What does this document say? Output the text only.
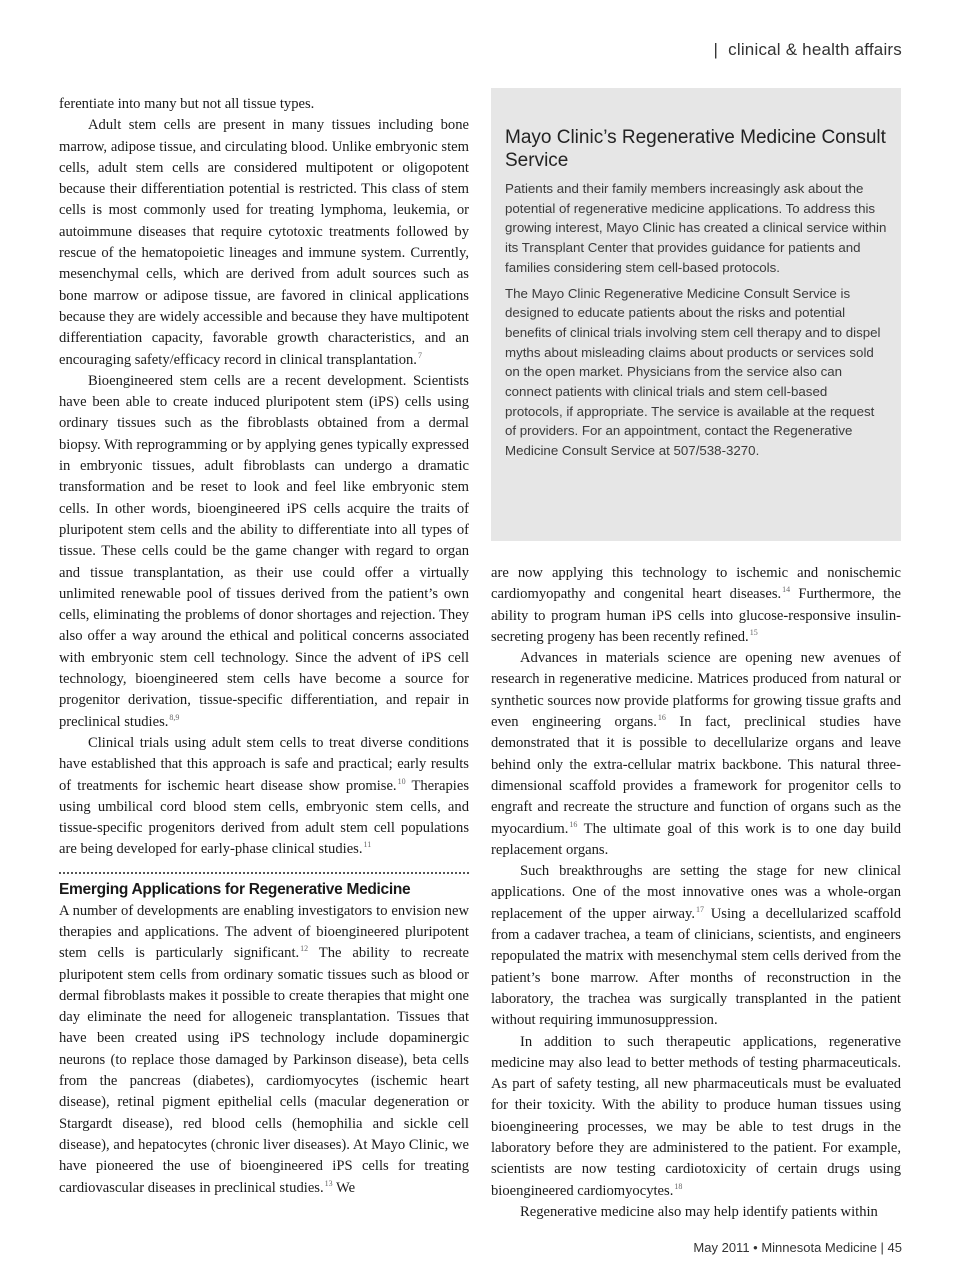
| clinical & health affairs

ferentiate into many but not all tissue types.

Adult stem cells are present in many tissues including bone marrow, adipose tissue, and circulating blood. Unlike embryonic stem cells, adult stem cells are considered multipotent or oligopotent because their differentiation potential is restricted. This class of stem cells is most commonly used for treating lymphoma, leukemia, or autoimmune diseases that require cytotoxic treatments followed by rescue of the hematopoietic lineages and immune system. Currently, mesenchymal cells, which are derived from adult sources such as bone marrow or adipose tissue, are favored in clinical applications because they are widely accessible and because they have multipotent differentiation capacity, favorable growth characteristics, and an encouraging safety/efficacy record in clinical transplantation.$^7$

Bioengineered stem cells are a recent development. Scientists have been able to create induced pluripotent stem (iPS) cells using ordinary tissues such as the fibroblasts obtained from a dermal biopsy. With reprogramming or by applying genes typically expressed in embryonic tissues, adult fibroblasts can undergo a dramatic transformation and be reset to look and feel like embryonic stem cells. In other words, bioengineered iPS cells acquire the traits of pluripotent stem cells and the ability to differentiate into all types of tissue. These cells could be the game changer with regard to organ and tissue transplantation, as their use could offer a virtually unlimited renewable pool of tissues derived from the patient’s own cells, eliminating the problems of donor shortages and rejection. They also offer a way around the ethical and political concerns associated with embryonic stem cell technology. Since the advent of iPS cell technology, bioengineered stem cells have become a source for progenitor derivation, tissue-specific differentiation, and repair in preclinical studies.$^{8,9}$

Clinical trials using adult stem cells to treat diverse conditions have established that this approach is safe and practical; early results of treatments for ischemic heart disease show promise.$^{10}$ Therapies using umbilical cord blood stem cells, embryonic stem cells, and tissue-specific progenitors derived from adult stem cell populations are being developed for early-phase clinical studies.$^{11}$

Emerging Applications for Regenerative Medicine

A number of developments are enabling investigators to envision new therapies and applications. The advent of bioengineered pluripotent stem cells is particularly significant.$^{12}$ The ability to recreate pluripotent stem cells from ordinary somatic tissues such as blood or dermal fibroblasts makes it possible to create therapies that might one day eliminate the need for allogeneic transplantation. Tissues that have been created using iPS technology include dopaminergic neurons (to replace those damaged by Parkinson disease), beta cells from the pancreas (diabetes), cardiomyocytes (ischemic heart disease), retinal pigment epithelial cells (macular degeneration or Stargardt disease), red blood cells (hemophilia and sickle cell disease), and hepatocytes (chronic liver diseases). At Mayo Clinic, we have pioneered the use of bioengineered iPS cells for treating cardiovascular diseases in preclinical studies.$^{13}$ We

Mayo Clinic’s Regenerative Medicine Consult Service

Patients and their family members increasingly ask about the potential of regenerative medicine applications. To address this growing interest, Mayo Clinic has created a clinical service within its Transplant Center that provides guidance for patients and families considering stem cell-based protocols.

The Mayo Clinic Regenerative Medicine Consult Service is designed to educate patients about the risks and potential benefits of clinical trials involving stem cell therapy and to dispel myths about misleading claims about products or services sold on the open market. Physicians from the service also can connect patients with clinical trials and stem cell-based protocols, if appropriate. The service is available at the request of providers. For an appointment, contact the Regenerative Medicine Consult Service at 507/538-3270.

are now applying this technology to ischemic and nonischemic cardiomyopathy and congenital heart diseases.$^{14}$ Furthermore, the ability to program human iPS cells into glucose-responsive insulin-secreting progeny has been recently refined.$^{15}$

Advances in materials science are opening new avenues of research in regenerative medicine. Matrices produced from natural or synthetic sources now provide platforms for growing tissue grafts and even engineering organs.$^{16}$ In fact, preclinical studies have demonstrated that it is possible to decellularize organs and leave behind only the extra-cellular matrix backbone. This natural three-dimensional scaffold provides a framework for progenitor cells to engraft and recreate the structure and function of organs such as the myocardium.$^{16}$ The ultimate goal of this work is to one day build replacement organs.

Such breakthroughs are setting the stage for new clinical applications. One of the most innovative ones was a whole-organ replacement of the upper airway.$^{17}$ Using a decellularized scaffold from a cadaver trachea, a team of clinicians, scientists, and engineers repopulated the matrix with mesenchymal stem cells derived from the patient’s bone marrow. After months of reconstruction in the laboratory, the trachea was surgically transplanted in the patient without requiring immunosuppression.

In addition to such therapeutic applications, regenerative medicine may also lead to better methods of testing pharmaceuticals. As part of safety testing, all new pharmaceuticals must be evaluated for their toxicity. With the ability to produce human tissues using bioengineering processes, we may be able to test drugs in the laboratory before they are administered to the patient. For example, scientists are now testing cardiotoxicity of certain drugs using bioengineered cardiomyocytes.$^{18}$

Regenerative medicine also may help identify patients within

May 2011 • Minnesota Medicine | 45
